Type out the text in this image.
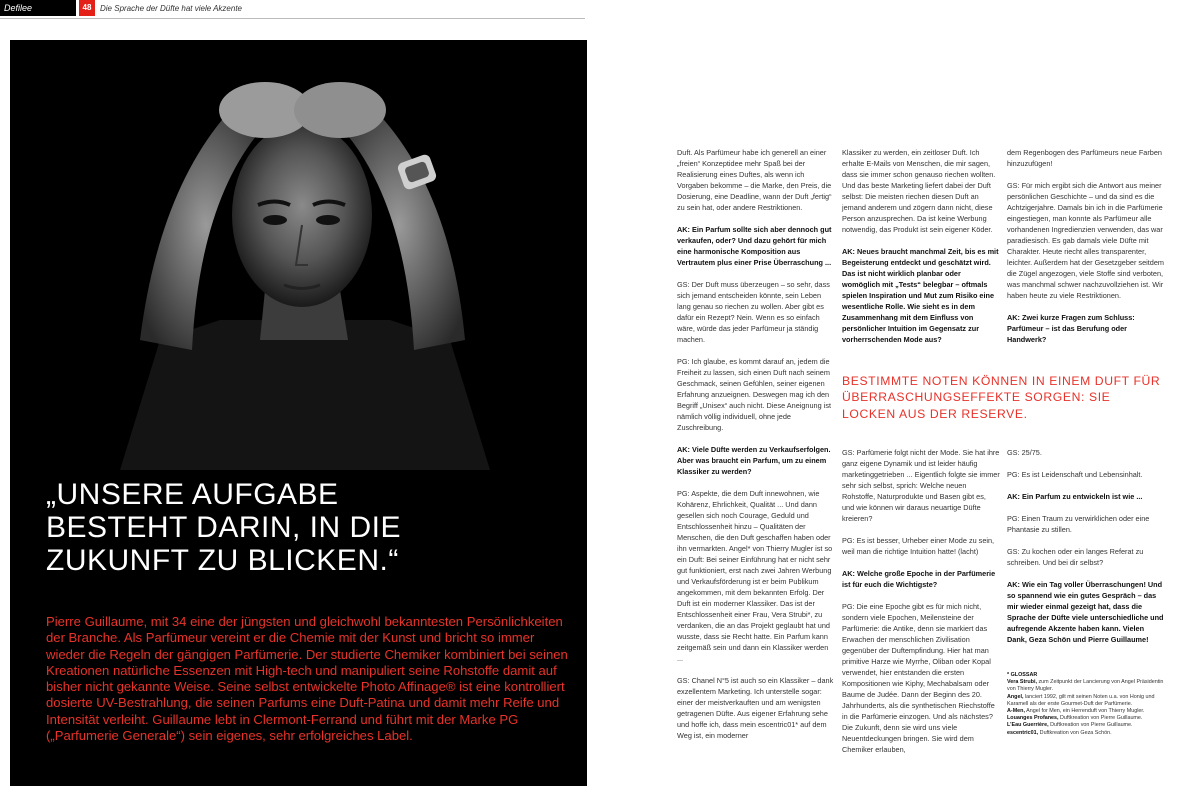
Defilee	48	Die Sprache der Düfte hat viele Akzente
„UNSERE AUFGABE
BESTEHT DARIN, IN DIE
ZUKUNFT ZU BLICKEN.“
Pierre Guillaume, mit 34 eine der jüngsten und gleichwohl bekanntesten Persönlichkeiten der Branche. Als Parfümeur vereint er die Chemie mit der Kunst und bricht so immer wieder die Regeln der gängigen Parfümerie. Der studierte Chemiker kombiniert bei seinen Kreationen natürliche Essenzen mit High-tech und manipuliert seine Rohstoffe damit auf bisher nicht gekannte Weise. Seine selbst entwickelte Photo Affinage® ist eine kontrolliert dosierte UV-Bestrahlung, die seinen Parfums eine Duft-Patina und damit mehr Reife und Intensität verleiht. Guillaume lebt in Clermont-Ferrand und führt mit der Marke PG („Parfumerie Generale“) sein eigenes, sehr erfolgreiches Label.

Duft. Als Parfümeur habe ich generell an einer „freien“ Konzeptidee mehr Spaß bei der Realisierung eines Duftes, als wenn ich Vorgaben bekomme – die Marke, den Preis, die Dosierung, eine Deadline, wann der Duft „fertig“ zu sein hat, oder andere Restriktionen.

AK: Ein Parfum sollte sich aber dennoch gut verkaufen, oder? Und dazu gehört für mich eine harmonische Komposition aus Vertrautem plus einer Prise Überraschung ...

GS: Der Duft muss überzeugen – so sehr, dass sich jemand entscheiden könnte, sein Leben lang genau so riechen zu wollen. Aber gibt es dafür ein Rezept? Nein. Wenn es so einfach wäre, würde das jeder Parfümeur ja ständig machen.

PG: Ich glaube, es kommt darauf an, jedem die Freiheit zu lassen, sich einen Duft nach seinem Geschmack, seinen Gefühlen, seiner eigenen Erfahrung anzueignen. Deswegen mag ich den Begriff „Unisex“ auch nicht. Diese Aneignung ist nämlich völlig individuell, ohne jede Zuschreibung.

AK: Viele Düfte werden zu Verkaufserfolgen. Aber was braucht ein Parfum, um zu einem Klassiker zu werden?

PG: Aspekte, die dem Duft innewohnen, wie Kohärenz, Ehrlichkeit, Qualität ... Und dann gesellen sich noch Courage, Geduld und Entschlossenheit hinzu – Qualitäten der Menschen, die den Duft geschaffen haben oder ihn vermarkten. Angel* von Thierry Mugler ist so ein Duft: Bei seiner Einführung hat er nicht sehr gut funktioniert, erst nach zwei Jahren Werbung und Verkaufsförderung ist er beim Publikum angekommen, mit dem bekannten Erfolg. Der Duft ist ein moderner Klassiker. Das ist der Entschlossenheit einer Frau, Vera Strubi*, zu verdanken, die an das Projekt geglaubt hat und wusste, dass sie Recht hatte. Ein Parfum kann zeitgemäß sein und dann ein Klassiker werden ...

GS: Chanel N°5 ist auch so ein Klassiker – dank exzellentem Marketing. Ich unterstelle sogar: einer der meistverkauften und am wenigsten getragenen Düfte. Aus eigener Erfahrung sehe und hoffe ich, dass mein escentric01* auf dem Weg ist, ein moderner

Klassiker zu werden, ein zeitloser Duft. Ich erhalte E-Mails von Menschen, die mir sagen, dass sie immer schon genauso riechen wollten. Und das beste Marketing liefert dabei der Duft selbst: Die meisten riechen diesen Duft an jemand anderem und zögern dann nicht, diese Person anzusprechen. Da ist keine Werbung notwendig, das Produkt ist sein eigener Köder.

AK: Neues braucht manchmal Zeit, bis es mit Begeisterung entdeckt und geschätzt wird. Das ist nicht wirklich planbar oder womöglich mit „Tests“ belegbar – oftmals spielen Inspiration und Mut zum Risiko eine wesentliche Rolle. Wie sieht es in dem Zusammenhang mit dem Einfluss von persönlicher Intuition im Gegensatz zur vorherrschenden Mode aus?

dem Regenbogen des Parfümeurs neue Farben hinzuzufügen!

GS: Für mich ergibt sich die Antwort aus meiner persönlichen Geschichte – und da sind es die Achtzigerjahre. Damals bin ich in die Parfümerie eingestiegen, man konnte als Parfümeur alle vorhandenen Ingredienzien verwenden, das war paradiesisch. Es gab damals viele Düfte mit Charakter. Heute riecht alles transparenter, leichter. Außerdem hat der Gesetzgeber seitdem die Zügel angezogen, viele Stoffe sind verboten, was manchmal schwer nachzuvollziehen ist. Wir haben heute zu viele Restriktionen.

AK: Zwei kurze Fragen zum Schluss: Parfümeur – ist das Berufung oder Handwerk?

BESTIMMTE NOTEN KÖNNEN IN EINEM DUFT FÜR ÜBERRASCHUNGSEFFEKTE SORGEN: SIE LOCKEN AUS DER RESERVE.

GS: Parfümerie folgt nicht der Mode. Sie hat ihre ganz eigene Dynamik und ist leider häufig marketinggetrieben ... Eigentlich folgte sie immer sehr sich selbst, sprich: Welche neuen Rohstoffe, Naturprodukte und Basen gibt es, und wie können wir daraus neuartige Düfte kreieren?

PG: Es ist besser, Urheber einer Mode zu sein, weil man die richtige Intuition hatte! (lacht)

AK: Welche große Epoche in der Parfümerie ist für euch die Wichtigste?

PG: Die eine Epoche gibt es für mich nicht, sondern viele Epochen, Meilensteine der Parfümerie: die Antike, denn sie markiert das Erwachen der menschlichen Zivilisation gegenüber der Duftempfindung. Hier hat man primitive Harze wie Myrrhe, Oliban oder Kopal verwendet, hier entstanden die ersten Kompositionen wie Kiphy, Mechabalsam oder Baume de Judée. Dann der Beginn des 20. Jahrhunderts, als die synthetischen Riechstoffe in die Parfümerie einzogen. Und als nächstes? Die Zukunft, denn sie wird uns viele Neuentdeckungen bringen. Sie wird dem Chemiker erlauben,

GS: 25/75.

PG: Es ist Leidenschaft und Lebensinhalt.

AK: Ein Parfum zu entwickeln ist wie ...

PG: Einen Traum zu verwirklichen oder eine Phantasie zu stillen.

GS: Zu kochen oder ein langes Referat zu schreiben. Und bei dir selbst?

AK: Wie ein Tag voller Überraschungen! Und so spannend wie ein gutes Gespräch – das mir wieder einmal gezeigt hat, dass die Sprache der Düfte viele unterschiedliche und aufregende Akzente haben kann. Vielen Dank, Geza Schön und Pierre Guillaume!

* GLOSSAR
Vera Strubi, zum Zeitpunkt der Lancierung von Angel Präsidentin von Thierry Mugler.
Angel, lanciert 1992, gilt mit seinen Noten u.a. von Honig und Karamell als der erste Gourmet-Duft der Parfümerie.
A-Men, Angel for Men, ein Herrenduft von Thierry Mugler.
Louanges Profanes, Duftkreation von Pierre Guillaume.
L’Eau Guerrière, Duftkreation von Pierre Guillaume.
escentric01, Duftkreation von Geza Schön.
